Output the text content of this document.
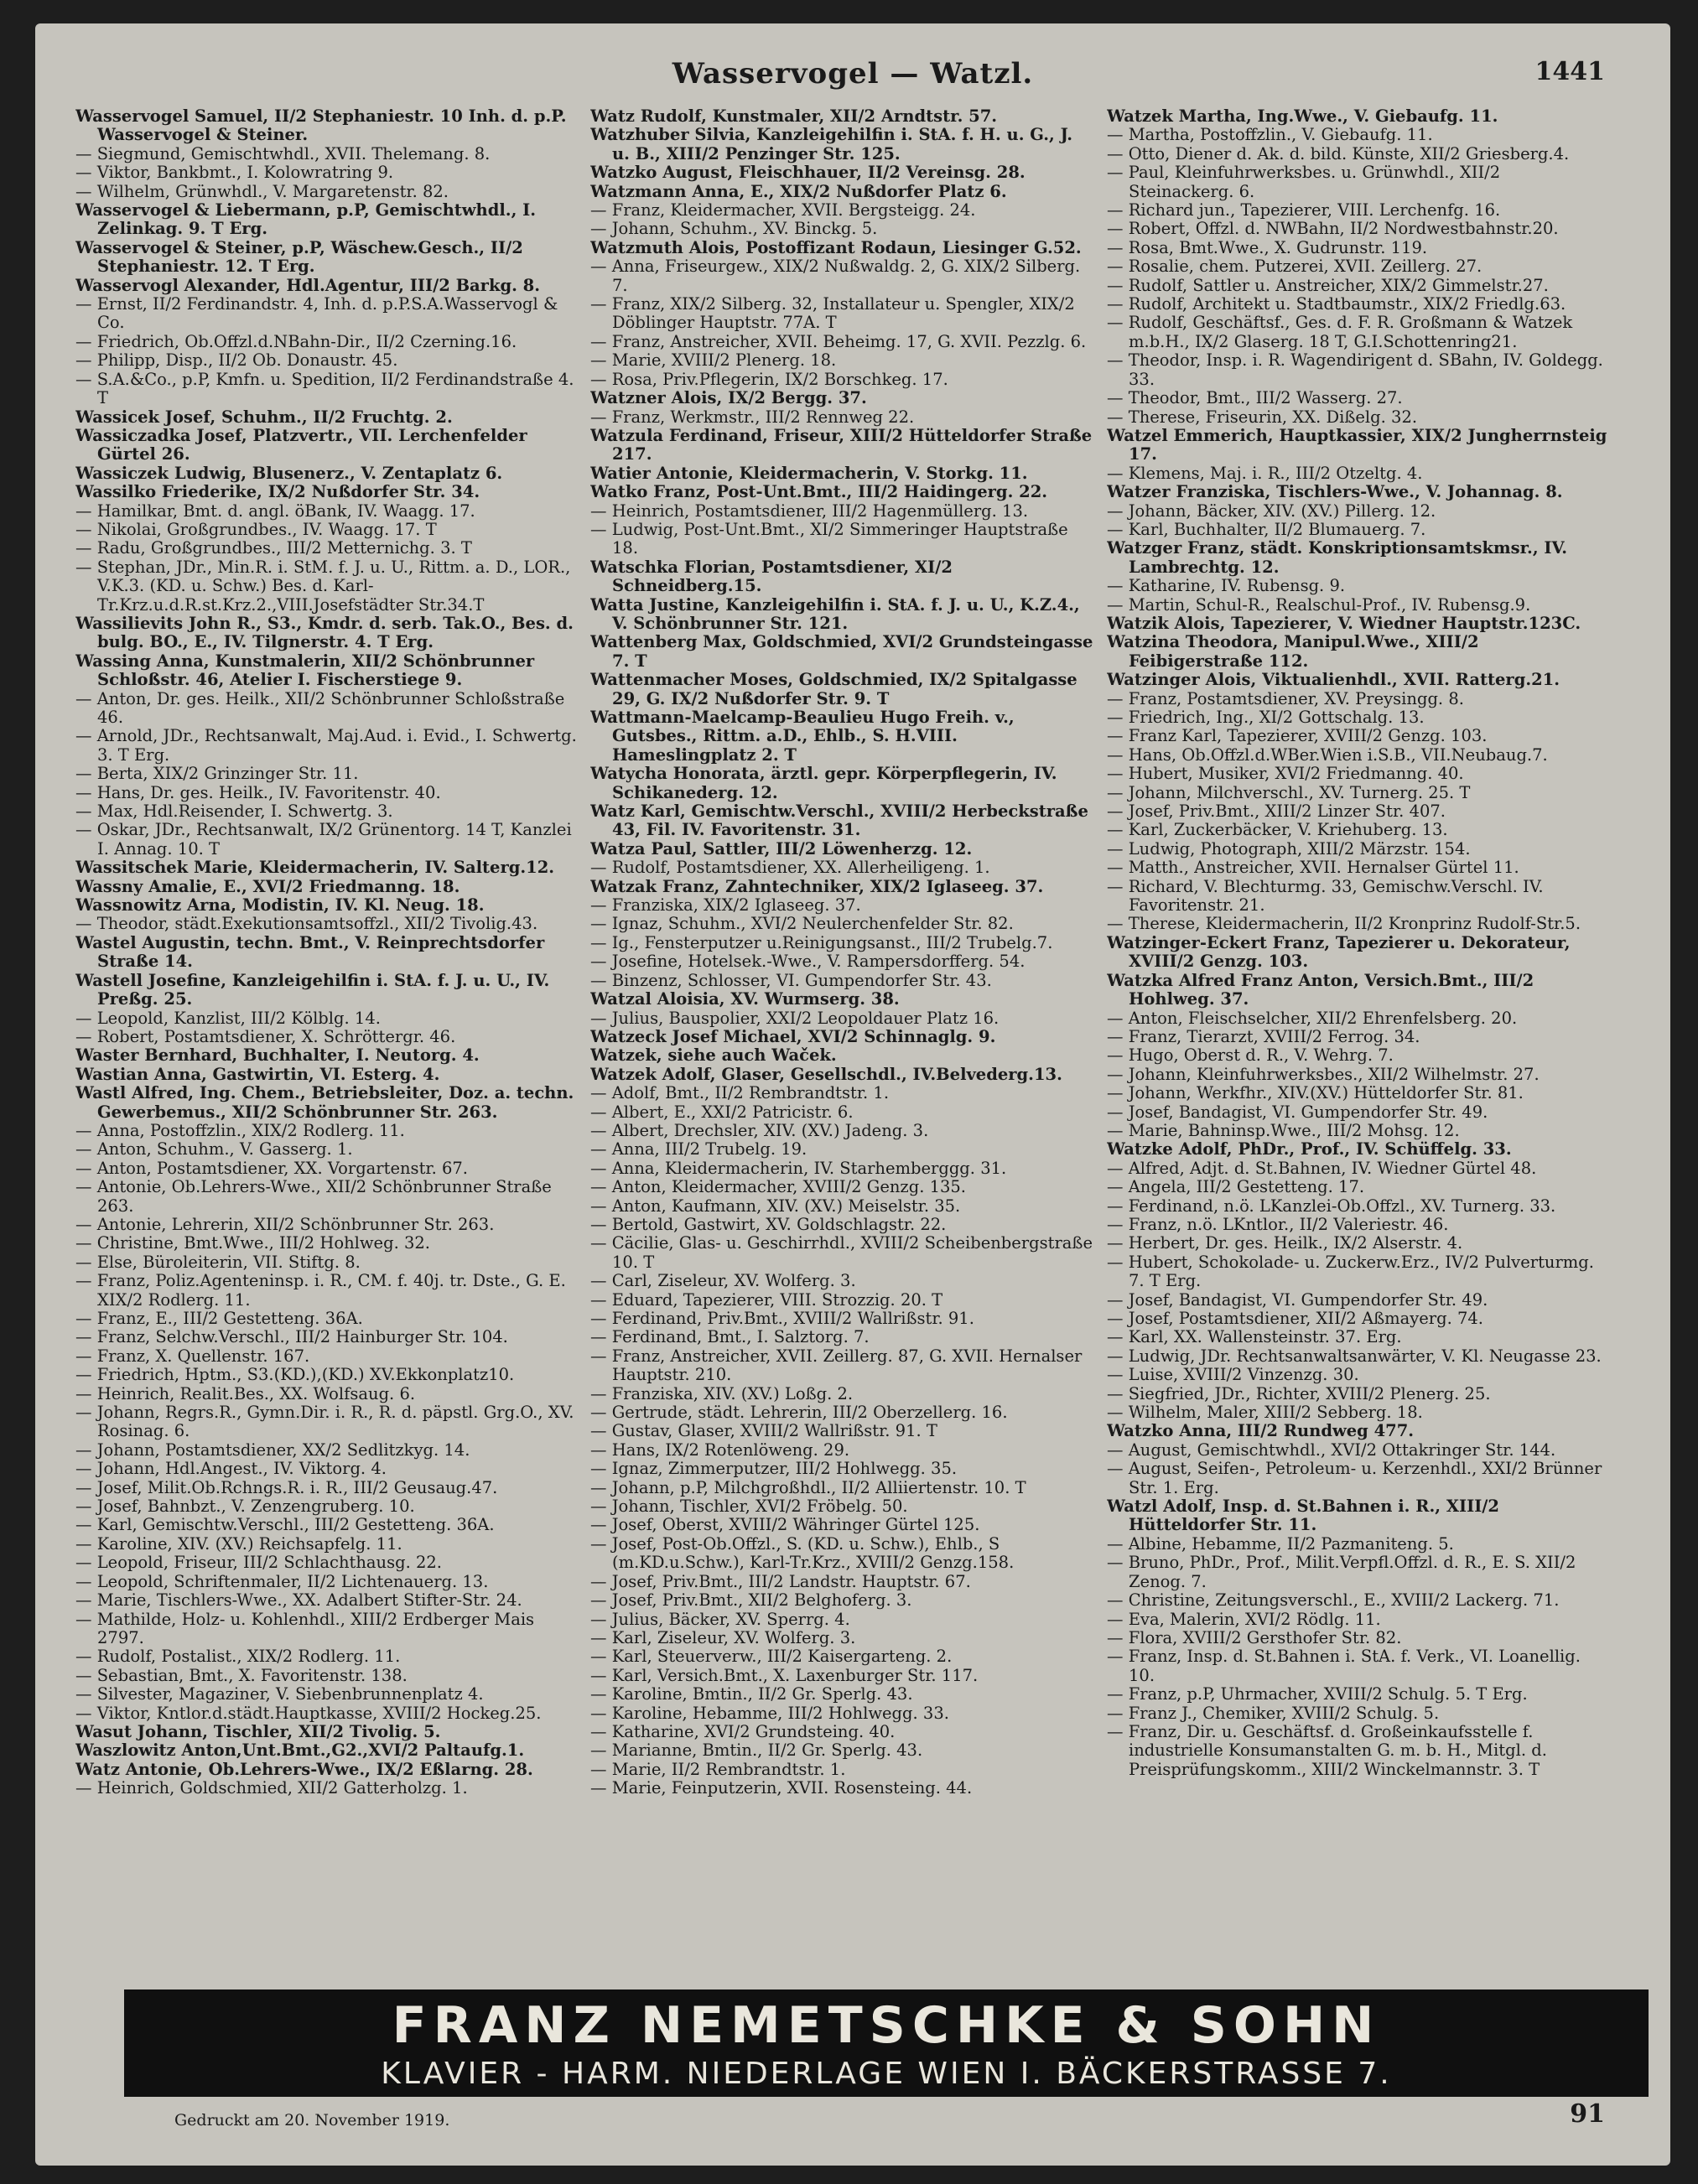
Wasservogel — Watzl.	1441

Wasservogel Samuel, II/2 Stephaniestr. 10 Inh. d. p.P. Wasservogel & Steiner.

— Siegmund, Gemischtwhdl., XVII. Thelemang. 8.

— Viktor, Bankbmt., I. Kolowratring 9.

— Wilhelm, Grünwhdl., V. Margaretenstr. 82.

Wasservogel & Liebermann, p.P, Gemischtwhdl., I. Zelinkag. 9. T Erg.

Wasservogel & Steiner, p.P, Wäschew.Gesch., II/2 Stephaniestr. 12. T Erg.

Wasservogl Alexander, Hdl.Agentur, III/2 Barkg. 8.

— Ernst, II/2 Ferdinandstr. 4, Inh. d. p.P.S.A.Wasservogl & Co.

— Friedrich, Ob.Offzl.d.NBahn-Dir., II/2 Czerning.16.

— Philipp, Disp., II/2 Ob. Donaustr. 45.

— S.A.&Co., p.P, Kmfn. u. Spedition, II/2 Ferdinandstraße 4. T

Wassicek Josef, Schuhm., II/2 Fruchtg. 2.

Wassiczadka Josef, Platzvertr., VII. Lerchenfelder Gürtel 26.

Wassiczek Ludwig, Blusenerz., V. Zentaplatz 6.

Wassilko Friederike, IX/2 Nußdorfer Str. 34.

— Hamilkar, Bmt. d. angl. öBank, IV. Waagg. 17.

— Nikolai, Großgrundbes., IV. Waagg. 17. T

— Radu, Großgrundbes., III/2 Metternichg. 3. T

— Stephan, JDr., Min.R. i. StM. f. J. u. U., Rittm. a. D., LOR., V.K.3. (KD. u. Schw.) Bes. d. Karl-Tr.Krz.u.d.R.st.Krz.2.,VIII.Josefstädter Str.34.T

Wassilievits John R., S3., Kmdr. d. serb. Tak.O., Bes. d. bulg. BO., E., IV. Tilgnerstr. 4. T Erg.

Wassing Anna, Kunstmalerin, XII/2 Schönbrunner Schloßstr. 46, Atelier I. Fischerstiege 9.

— Anton, Dr. ges. Heilk., XII/2 Schönbrunner Schloßstraße 46.

— Arnold, JDr., Rechtsanwalt, Maj.Aud. i. Evid., I. Schwertg. 3. T Erg.

— Berta, XIX/2 Grinzinger Str. 11.

— Hans, Dr. ges. Heilk., IV. Favoritenstr. 40.

— Max, Hdl.Reisender, I. Schwertg. 3.

— Oskar, JDr., Rechtsanwalt, IX/2 Grünentorg. 14 T, Kanzlei I. Annag. 10. T

Wassitschek Marie, Kleidermacherin, IV. Salterg.12.

Wassny Amalie, E., XVI/2 Friedmanng. 18.

Wassnowitz Arna, Modistin, IV. Kl. Neug. 18.

— Theodor, städt.Exekutionsamtsoffzl., XII/2 Tivolig.43.

Wastel Augustin, techn. Bmt., V. Reinprechtsdorfer Straße 14.

Wastell Josefine, Kanzleigehilfin i. StA. f. J. u. U., IV. Preßg. 25.

— Leopold, Kanzlist, III/2 Kölblg. 14.

— Robert, Postamtsdiener, X. Schröttergr. 46.

Waster Bernhard, Buchhalter, I. Neutorg. 4.

Wastian Anna, Gastwirtin, VI. Esterg. 4.

Wastl Alfred, Ing. Chem., Betriebsleiter, Doz. a. techn. Gewerbemus., XII/2 Schönbrunner Str. 263.

— Anna, Postoffzlin., XIX/2 Rodlerg. 11.

— Anton, Schuhm., V. Gasserg. 1.

— Anton, Postamtsdiener, XX. Vorgartenstr. 67.

— Antonie, Ob.Lehrers-Wwe., XII/2 Schönbrunner Straße 263.

— Antonie, Lehrerin, XII/2 Schönbrunner Str. 263.

— Christine, Bmt.Wwe., III/2 Hohlweg. 32.

— Else, Büroleiterin, VII. Stiftg. 8.

— Franz, Poliz.Agenteninsp. i. R., CM. f. 40j. tr. Dste., G. E. XIX/2 Rodlerg. 11.

— Franz, E., III/2 Gestetteng. 36A.

— Franz, Selchw.Verschl., III/2 Hainburger Str. 104.

— Franz, X. Quellenstr. 167.

— Friedrich, Hptm., S3.(KD.),(KD.) XV.Ekkonplatz10.

— Heinrich, Realit.Bes., XX. Wolfsaug. 6.

— Johann, Regrs.R., Gymn.Dir. i. R., R. d. päpstl. Grg.O., XV. Rosinag. 6.

— Johann, Postamtsdiener, XX/2 Sedlitzkyg. 14.

— Johann, Hdl.Angest., IV. Viktorg. 4.

— Josef, Milit.Ob.Rchngs.R. i. R., III/2 Geusaug.47.

— Josef, Bahnbzt., V. Zenzengruberg. 10.

— Karl, Gemischtw.Verschl., III/2 Gestetteng. 36A.

— Karoline, XIV. (XV.) Reichsapfelg. 11.

— Leopold, Friseur, III/2 Schlachthausg. 22.

— Leopold, Schriftenmaler, II/2 Lichtenauerg. 13.

— Marie, Tischlers-Wwe., XX. Adalbert Stifter-Str. 24.

— Mathilde, Holz- u. Kohlenhdl., XIII/2 Erdberger Mais 2797.

— Rudolf, Postalist., XIX/2 Rodlerg. 11.

— Sebastian, Bmt., X. Favoritenstr. 138.

— Silvester, Magaziner, V. Siebenbrunnenplatz 4.

— Viktor, Kntlor.d.städt.Hauptkasse, XVIII/2 Hockeg.25.

Wasut Johann, Tischler, XII/2 Tivolig. 5.

Waszlowitz Anton,Unt.Bmt.,G2.,XVI/2 Paltaufg.1.

Watz Antonie, Ob.Lehrers-Wwe., IX/2 Eßlarng. 28.

— Heinrich, Goldschmied, XII/2 Gatterholzg. 1.

Watz Rudolf, Kunstmaler, XII/2 Arndtstr. 57.

Watzhuber Silvia, Kanzleigehilfin i. StA. f. H. u. G., J. u. B., XIII/2 Penzinger Str. 125.

Watzko August, Fleischhauer, II/2 Vereinsg. 28.

Watzmann Anna, E., XIX/2 Nußdorfer Platz 6.

— Franz, Kleidermacher, XVII. Bergsteigg. 24.

— Johann, Schuhm., XV. Binckg. 5.

Watzmuth Alois, Postoffizant Rodaun, Liesinger G.52.

— Anna, Friseurgew., XIX/2 Nußwaldg. 2, G. XIX/2 Silberg. 7.

— Franz, XIX/2 Silberg. 32, Installateur u. Spengler, XIX/2 Döblinger Hauptstr. 77A. T

— Franz, Anstreicher, XVII. Beheimg. 17, G. XVII. Pezzlg. 6.

— Marie, XVIII/2 Plenerg. 18.

— Rosa, Priv.Pflegerin, IX/2 Borschkeg. 17.

Watzner Alois, IX/2 Bergg. 37.

— Franz, Werkmstr., III/2 Rennweg 22.

Watzula Ferdinand, Friseur, XIII/2 Hütteldorfer Straße 217.

Watier Antonie, Kleidermacherin, V. Storkg. 11.

Watko Franz, Post-Unt.Bmt., III/2 Haidingerg. 22.

— Heinrich, Postamtsdiener, III/2 Hagenmüllerg. 13.

— Ludwig, Post-Unt.Bmt., XI/2 Simmeringer Hauptstraße 18.

Watschka Florian, Postamtsdiener, XI/2 Schneidberg.15.

Watta Justine, Kanzleigehilfin i. StA. f. J. u. U., K.Z.4., V. Schönbrunner Str. 121.

Wattenberg Max, Goldschmied, XVI/2 Grundsteingasse 7. T

Wattenmacher Moses, Goldschmied, IX/2 Spitalgasse 29, G. IX/2 Nußdorfer Str. 9. T

Wattmann-Maelcamp-Beaulieu Hugo Freih. v., Gutsbes., Rittm. a.D., Ehlb., S. H.VIII. Hameslingplatz 2. T

Watycha Honorata, ärztl. gepr. Körperpflegerin, IV. Schikanederg. 12.

Watz Karl, Gemischtw.Verschl., XVIII/2 Herbeckstraße 43, Fil. IV. Favoritenstr. 31.

Watza Paul, Sattler, III/2 Löwenherzg. 12.

— Rudolf, Postamtsdiener, XX. Allerheiligeng. 1.

Watzak Franz, Zahntechniker, XIX/2 Iglaseeg. 37.

— Franziska, XIX/2 Iglaseeg. 37.

— Ignaz, Schuhm., XVI/2 Neulerchenfelder Str. 82.

— Ig., Fensterputzer u.Reinigungsanst., III/2 Trubelg.7.

— Josefine, Hotelsek.-Wwe., V. Rampersdorfferg. 54.

— Binzenz, Schlosser, VI. Gumpendorfer Str. 43.

Watzal Aloisia, XV. Wurmserg. 38.

— Julius, Bauspolier, XXI/2 Leopoldauer Platz 16.

Watzeck Josef Michael, XVI/2 Schinnaglg. 9.

Watzek, siehe auch Waček.

Watzek Adolf, Glaser, Gesellschdl., IV.Belvederg.13.

— Adolf, Bmt., II/2 Rembrandtstr. 1.

— Albert, E., XXI/2 Patricistr. 6.

— Albert, Drechsler, XIV. (XV.) Jadeng. 3.

— Anna, III/2 Trubelg. 19.

— Anna, Kleidermacherin, IV. Starhemberggg. 31.

— Anton, Kleidermacher, XVIII/2 Genzg. 135.

— Anton, Kaufmann, XIV. (XV.) Meiselstr. 35.

— Bertold, Gastwirt, XV. Goldschlagstr. 22.

— Cäcilie, Glas- u. Geschirrhdl., XVIII/2 Scheibenbergstraße 10. T

— Carl, Ziseleur, XV. Wolferg. 3.

— Eduard, Tapezierer, VIII. Strozzig. 20. T

— Ferdinand, Priv.Bmt., XVIII/2 Wallrißstr. 91.

— Ferdinand, Bmt., I. Salztorg. 7.

— Franz, Anstreicher, XVII. Zeillerg. 87, G. XVII. Hernalser Hauptstr. 210.

— Franziska, XIV. (XV.) Loßg. 2.

— Gertrude, städt. Lehrerin, III/2 Oberzellerg. 16.

— Gustav, Glaser, XVIII/2 Wallrißstr. 91. T

— Hans, IX/2 Rotenlöweng. 29.

— Ignaz, Zimmerputzer, III/2 Hohlwegg. 35.

— Johann, p.P, Milchgroßhdl., II/2 Alliiertenstr. 10. T

— Johann, Tischler, XVI/2 Fröbelg. 50.

— Josef, Oberst, XVIII/2 Währinger Gürtel 125.

— Josef, Post-Ob.Offzl., S. (KD. u. Schw.), Ehlb., S (m.KD.u.Schw.), Karl-Tr.Krz., XVIII/2 Genzg.158.

— Josef, Priv.Bmt., III/2 Landstr. Hauptstr. 67.

— Josef, Priv.Bmt., XII/2 Belghoferg. 3.

— Julius, Bäcker, XV. Sperrg. 4.

— Karl, Ziseleur, XV. Wolferg. 3.

— Karl, Steuerverw., III/2 Kaisergarteng. 2.

— Karl, Versich.Bmt., X. Laxenburger Str. 117.

— Karoline, Bmtin., II/2 Gr. Sperlg. 43.

— Karoline, Hebamme, III/2 Hohlwegg. 33.

— Katharine, XVI/2 Grundsteing. 40.

— Marianne, Bmtin., II/2 Gr. Sperlg. 43.

— Marie, II/2 Rembrandtstr. 1.

— Marie, Feinputzerin, XVII. Rosensteing. 44.

Watzek Martha, Ing.Wwe., V. Giebaufg. 11.

— Martha, Postoffzlin., V. Giebaufg. 11.

— Otto, Diener d. Ak. d. bild. Künste, XII/2 Griesberg.4.

— Paul, Kleinfuhrwerksbes. u. Grünwhdl., XII/2 Steinackerg. 6.

— Richard jun., Tapezierer, VIII. Lerchenfg. 16.

— Robert, Offzl. d. NWBahn, II/2 Nordwestbahnstr.20.

— Rosa, Bmt.Wwe., X. Gudrunstr. 119.

— Rosalie, chem. Putzerei, XVII. Zeillerg. 27.

— Rudolf, Sattler u. Anstreicher, XIX/2 Gimmelstr.27.

— Rudolf, Architekt u. Stadtbaumstr., XIX/2 Friedlg.63.

— Rudolf, Geschäftsf., Ges. d. F. R. Großmann & Watzek m.b.H., IX/2 Glaserg. 18 T, G.I.Schottenring21.

— Theodor, Insp. i. R. Wagendirigent d. SBahn, IV. Goldegg. 33.

— Theodor, Bmt., III/2 Wasserg. 27.

— Therese, Friseurin, XX. Dißelg. 32.

Watzel Emmerich, Hauptkassier, XIX/2 Jungherrnsteig 17.

— Klemens, Maj. i. R., III/2 Otzeltg. 4.

Watzer Franziska, Tischlers-Wwe., V. Johannag. 8.

— Johann, Bäcker, XIV. (XV.) Pillerg. 12.

— Karl, Buchhalter, II/2 Blumauerg. 7.

Watzger Franz, städt. Konskriptionsamtskmsr., IV. Lambrechtg. 12.

— Katharine, IV. Rubensg. 9.

— Martin, Schul-R., Realschul-Prof., IV. Rubensg.9.

Watzik Alois, Tapezierer, V. Wiedner Hauptstr.123C.

Watzina Theodora, Manipul.Wwe., XIII/2 Feibigerstraße 112.

Watzinger Alois, Viktualienhdl., XVII. Ratterg.21.

— Franz, Postamtsdiener, XV. Preysingg. 8.

— Friedrich, Ing., XI/2 Gottschalg. 13.

— Franz Karl, Tapezierer, XVIII/2 Genzg. 103.

— Hans, Ob.Offzl.d.WBer.Wien i.S.B., VII.Neubaug.7.

— Hubert, Musiker, XVI/2 Friedmanng. 40.

— Johann, Milchverschl., XV. Turnerg. 25. T

— Josef, Priv.Bmt., XIII/2 Linzer Str. 407.

— Karl, Zuckerbäcker, V. Kriehuberg. 13.

— Ludwig, Photograph, XIII/2 Märzstr. 154.

— Matth., Anstreicher, XVII. Hernalser Gürtel 11.

— Richard, V. Blechturmg. 33, Gemischw.Verschl. IV. Favoritenstr. 21.

— Therese, Kleidermacherin, II/2 Kronprinz Rudolf-Str.5.

Watzinger-Eckert Franz, Tapezierer u. Dekorateur, XVIII/2 Genzg. 103.

Watzka Alfred Franz Anton, Versich.Bmt., III/2 Hohlweg. 37.

— Anton, Fleischselcher, XII/2 Ehrenfelsberg. 20.

— Franz, Tierarzt, XVIII/2 Ferrog. 34.

— Hugo, Oberst d. R., V. Wehrg. 7.

— Johann, Kleinfuhrwerksbes., XII/2 Wilhelmstr. 27.

— Johann, Werkfhr., XIV.(XV.) Hütteldorfer Str. 81.

— Josef, Bandagist, VI. Gumpendorfer Str. 49.

— Marie, Bahninsp.Wwe., III/2 Mohsg. 12.

Watzke Adolf, PhDr., Prof., IV. Schüffelg. 33.

— Alfred, Adjt. d. St.Bahnen, IV. Wiedner Gürtel 48.

— Angela, III/2 Gestetteng. 17.

— Ferdinand, n.ö. LKanzlei-Ob.Offzl., XV. Turnerg. 33.

— Franz, n.ö. LKntlor., II/2 Valeriestr. 46.

— Herbert, Dr. ges. Heilk., IX/2 Alserstr. 4.

— Hubert, Schokolade- u. Zuckerw.Erz., IV/2 Pulverturmg. 7. T Erg.

— Josef, Bandagist, VI. Gumpendorfer Str. 49.

— Josef, Postamtsdiener, XII/2 Aßmayerg. 74.

— Karl, XX. Wallensteinstr. 37. Erg.

— Ludwig, JDr. Rechtsanwaltsanwärter, V. Kl. Neugasse 23.

— Luise, XVIII/2 Vinzenzg. 30.

— Siegfried, JDr., Richter, XVIII/2 Plenerg. 25.

— Wilhelm, Maler, XIII/2 Sebberg. 18.

Watzko Anna, III/2 Rundweg 477.

— August, Gemischtwhdl., XVI/2 Ottakringer Str. 144.

— August, Seifen-, Petroleum- u. Kerzenhdl., XXI/2 Brünner Str. 1. Erg.

Watzl Adolf, Insp. d. St.Bahnen i. R., XIII/2 Hütteldorfer Str. 11.

— Albine, Hebamme, II/2 Pazmaniteng. 5.

— Bruno, PhDr., Prof., Milit.Verpfl.Offzl. d. R., E. S. XII/2 Zenog. 7.

— Christine, Zeitungsverschl., E., XVIII/2 Lackerg. 71.

— Eva, Malerin, XVI/2 Rödlg. 11.

— Flora, XVIII/2 Gersthofer Str. 82.

— Franz, Insp. d. St.Bahnen i. StA. f. Verk., VI. Loanellig. 10.

— Franz, p.P, Uhrmacher, XVIII/2 Schulg. 5. T Erg.

— Franz J., Chemiker, XVIII/2 Schulg. 5.

— Franz, Dir. u. Geschäftsf. d. Großeinkaufsstelle f. industrielle Konsumanstalten G. m. b. H., Mitgl. d. Preisprüfungskomm., XIII/2 Winckelmannstr. 3. T

FRANZ NEMETSCHKE & SOHN
KLAVIER - HARM. NIEDERLAGE WIEN I. BÄCKERSTRASSE 7.
Gedruckt am 20. November 1919.	91
